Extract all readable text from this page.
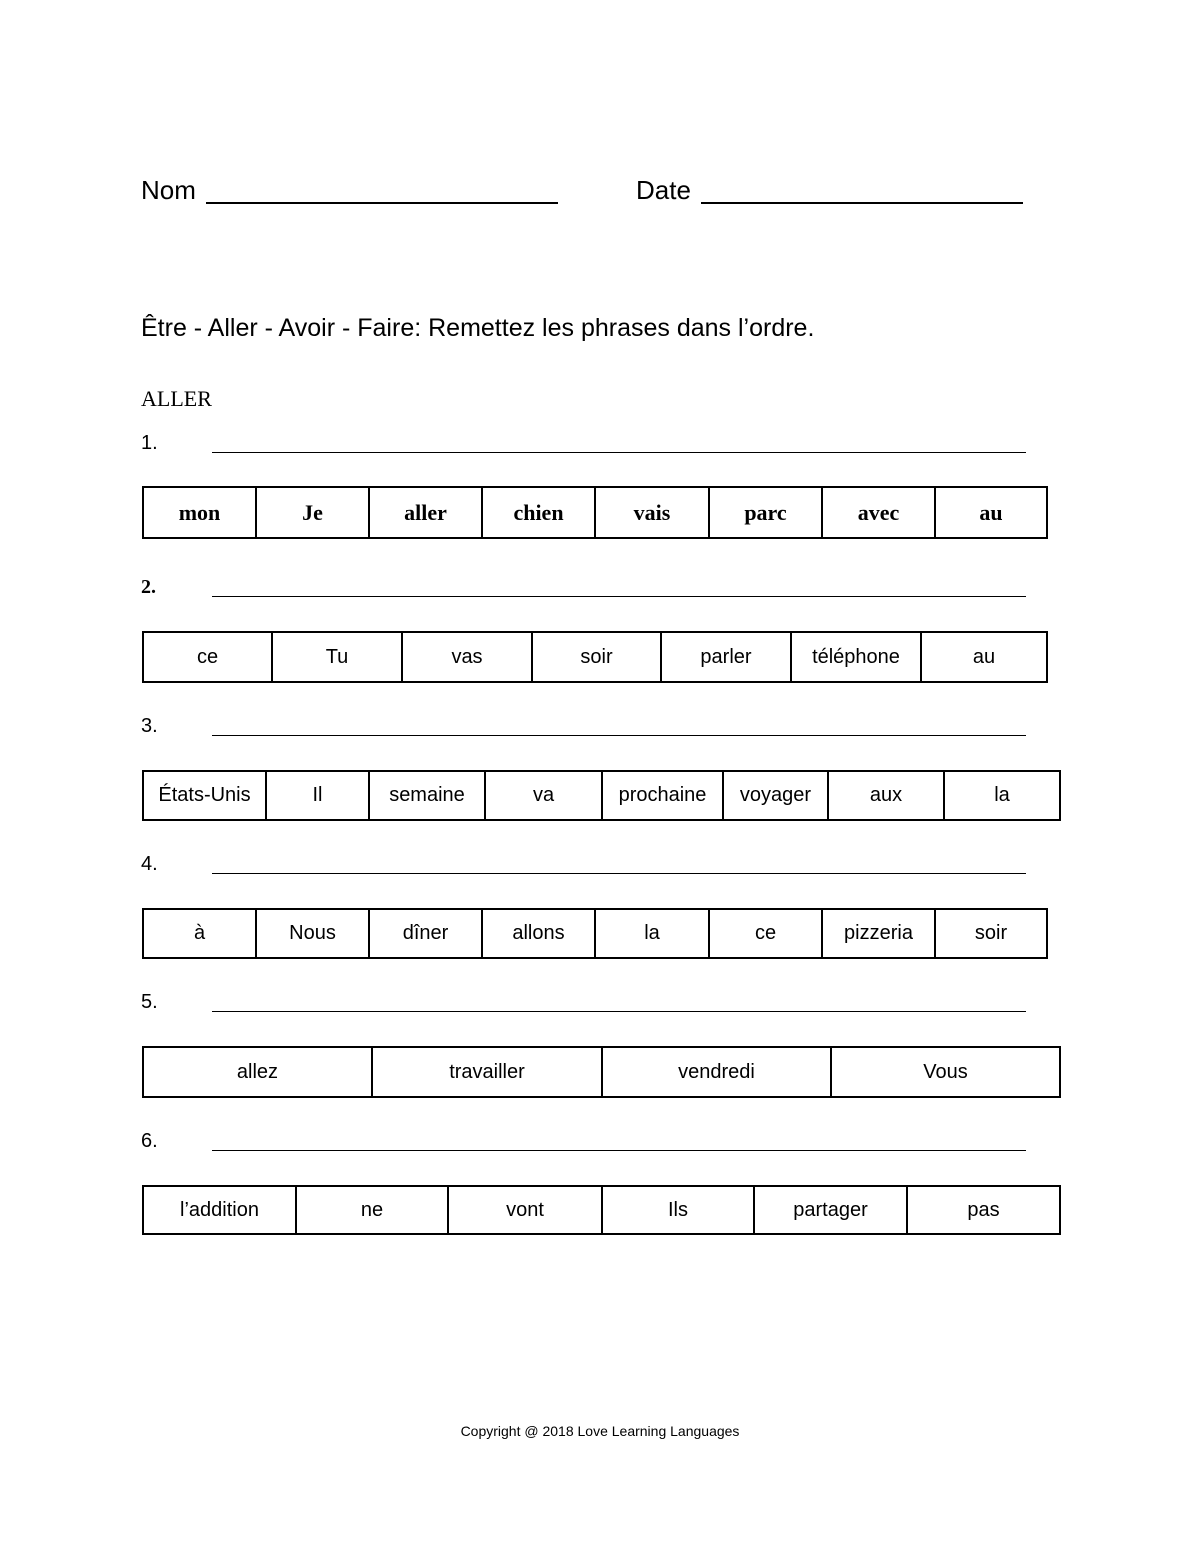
Nom	Date
Être - Aller - Avoir - Faire: Remettez les phrases dans l’ordre.
ALLER
1.
mon	Je	aller	chien	vais	parc	avec	au
2.
ce	Tu	vas	soir	parler	téléphone	au
3.
États-Unis	Il	semaine	va	prochaine	voyager	aux	la
4.
à	Nous	dîner	allons	la	ce	pizzeria	soir
5.
allez	travailler	vendredi	Vous
6.
l’addition	ne	vont	Ils	partager	pas
Copyright @ 2018 Love Learning Languages
